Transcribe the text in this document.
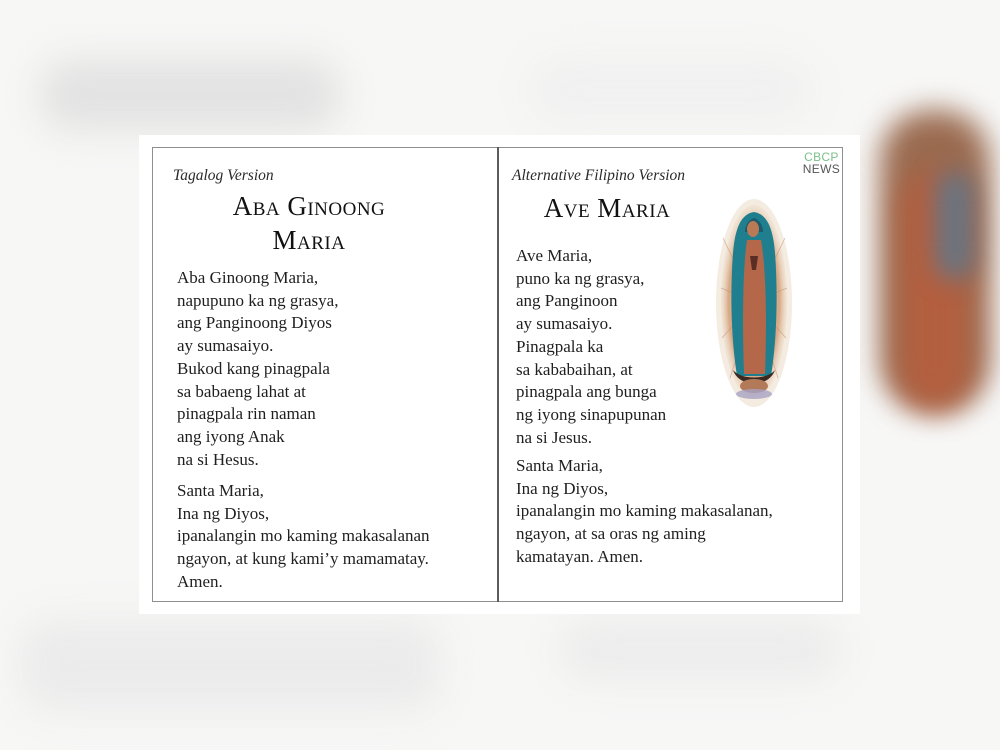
Tagalog Version
Aba Ginoong
Maria
Aba Ginoong Maria,
napupuno ka ng grasya,
ang Panginoong Diyos
ay sumasaiyo.
Bukod kang pinagpala
sa babaeng lahat at
pinagpala rin naman
ang iyong Anak
na si Hesus.
Santa Maria,
Ina ng Diyos,
ipanalangin mo kaming makasalanan
ngayon, at kung kami’y mamamatay.
Amen.
Alternative Filipino Version
Ave Maria
Ave Maria,
puno ka ng grasya,
ang Panginoon
ay sumasaiyo.
Pinagpala ka
sa kababaihan, at
pinagpala ang bunga
ng iyong sinapupunan
na si Jesus.
Santa Maria,
Ina ng Diyos,
ipanalangin mo kaming makasalanan,
ngayon, at sa oras ng aming
kamatayan. Amen.
CBCP
NEWS
